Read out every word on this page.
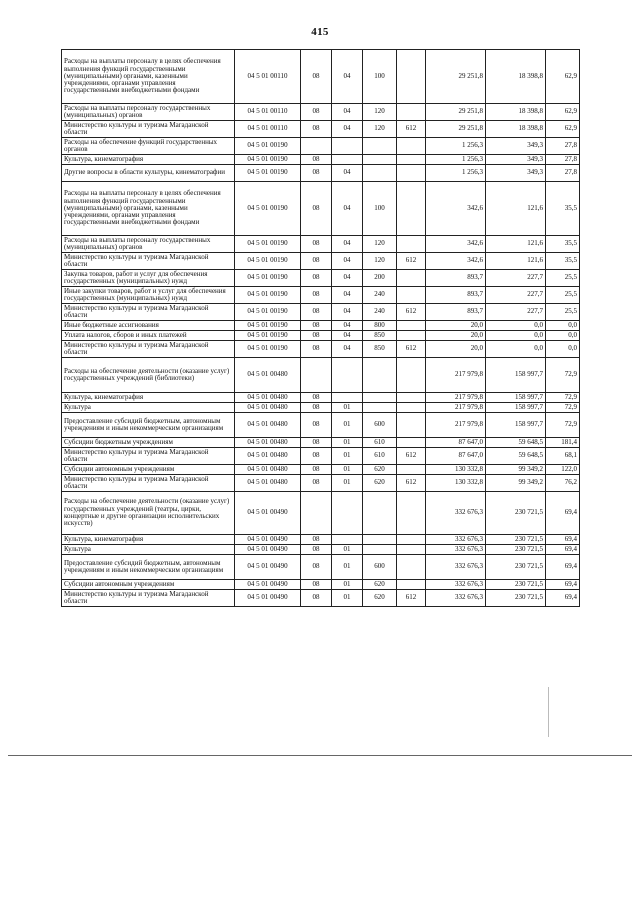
415
Расходы на выплаты персоналу в целях обеспечения выполнения функций государственными (муниципальными) органами, казенными учреждениями, органами управления государственными внебюджетными фондами	04 5 01 00110	08	04	100		29 251,8	18 398,8	62,9
Расходы на выплаты персоналу государственных (муниципальных) органов	04 5 01 00110	08	04	120		29 251,8	18 398,8	62,9
Министерство культуры и туризма Магаданской области	04 5 01 00110	08	04	120	612	29 251,8	18 398,8	62,9
Расходы на обеспечение функций государственных органов	04 5 01 00190					1 256,3	349,3	27,8
Культура, кинематография	04 5 01 00190	08				1 256,3	349,3	27,8
Другие вопросы в области культуры, кинематографии	04 5 01 00190	08	04			1 256,3	349,3	27,8
Расходы на выплаты персоналу в целях обеспечения выполнения функций государственными (муниципальными) органами, казенными учреждениями, органами управления государственными внебюджетными фондами	04 5 01 00190	08	04	100		342,6	121,6	35,5
Расходы на выплаты персоналу государственных (муниципальных) органов	04 5 01 00190	08	04	120		342,6	121,6	35,5
Министерство культуры и туризма Магаданской области	04 5 01 00190	08	04	120	612	342,6	121,6	35,5
Закупка товаров, работ и услуг для обеспечения государственных (муниципальных) нужд	04 5 01 00190	08	04	200		893,7	227,7	25,5
Иные закупки товаров, работ и услуг для обеспечения государственных (муниципальных) нужд	04 5 01 00190	08	04	240		893,7	227,7	25,5
Министерство культуры и туризма Магаданской области	04 5 01 00190	08	04	240	612	893,7	227,7	25,5
Иные бюджетные ассигнования	04 5 01 00190	08	04	800		20,0	0,0	0,0
Уплата налогов, сборов и иных платежей	04 5 01 00190	08	04	850		20,0	0,0	0,0
Министерство культуры и туризма Магаданской области	04 5 01 00190	08	04	850	612	20,0	0,0	0,0
Расходы на обеспечение деятельности (оказание услуг) государственных учреждений (библиотеки)	04 5 01 00480					217 979,8	158 997,7	72,9
Культура, кинематография	04 5 01 00480	08				217 979,8	158 997,7	72,9
Культура	04 5 01 00480	08	01			217 979,8	158 997,7	72,9
Предоставление субсидий бюджетным, автономным учреждениям и иным некоммерческим организациям	04 5 01 00480	08	01	600		217 979,8	158 997,7	72,9
Субсидии бюджетным учреждениям	04 5 01 00480	08	01	610		87 647,0	59 648,5	181,4
Министерство культуры и туризма Магаданской области	04 5 01 00480	08	01	610	612	87 647,0	59 648,5	68,1
Субсидии автономным учреждениям	04 5 01 00480	08	01	620		130 332,8	99 349,2	122,0
Министерство культуры и туризма Магаданской области	04 5 01 00480	08	01	620	612	130 332,8	99 349,2	76,2
Расходы на обеспечение деятельности (оказание услуг) государственных учреждений (театры, цирки, концертные и другие организации исполнительских искусств)	04 5 01 00490					332 676,3	230 721,5	69,4
Культура, кинематография	04 5 01 00490	08				332 676,3	230 721,5	69,4
Культура	04 5 01 00490	08	01			332 676,3	230 721,5	69,4
Предоставление субсидий бюджетным, автономным учреждениям и иным некоммерческим организациям	04 5 01 00490	08	01	600		332 676,3	230 721,5	69,4
Субсидии автономным учреждениям	04 5 01 00490	08	01	620		332 676,3	230 721,5	69,4
Министерство культуры и туризма Магаданской области	04 5 01 00490	08	01	620	612	332 676,3	230 721,5	69,4
